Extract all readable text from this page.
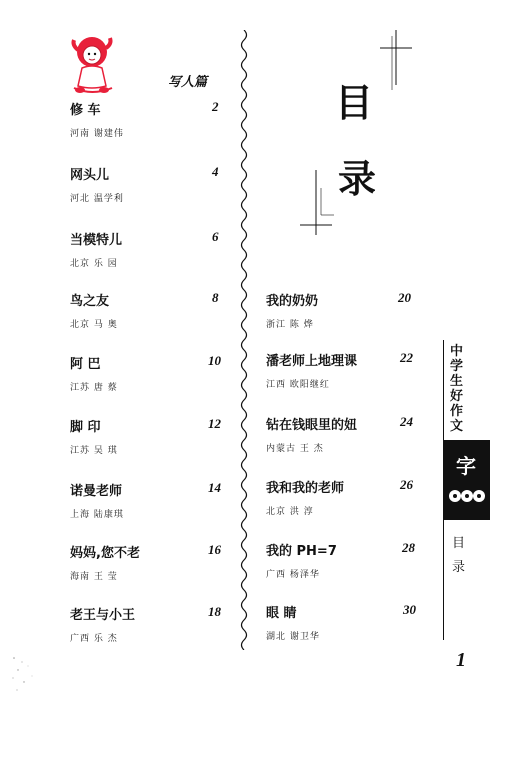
写人篇
修 车
河南 谢建伟
2
网头儿
河北 温学利
4
当模特儿
北京 乐 园
6
鸟之友
北京 马 奥
8
阿 巴
江苏 唐 蔡
10
脚 印
江苏 吴 琪
12
诺曼老师
上海 陆康琪
14
妈妈,您不老
海南 王 莹
16
老王与小王
广西 乐 杰
18
目
录
我的奶奶
浙江 陈 烨
20
潘老师上地理课
江西 欧阳继红
22
钻在钱眼里的妞
内蒙古 王 杰
24
我和我的老师
北京 洪 淳
26
我的 PH=7
广西 杨泽华
28
眼 睛
湖北 谢卫华
30
中学生好作文
字
目录
1
